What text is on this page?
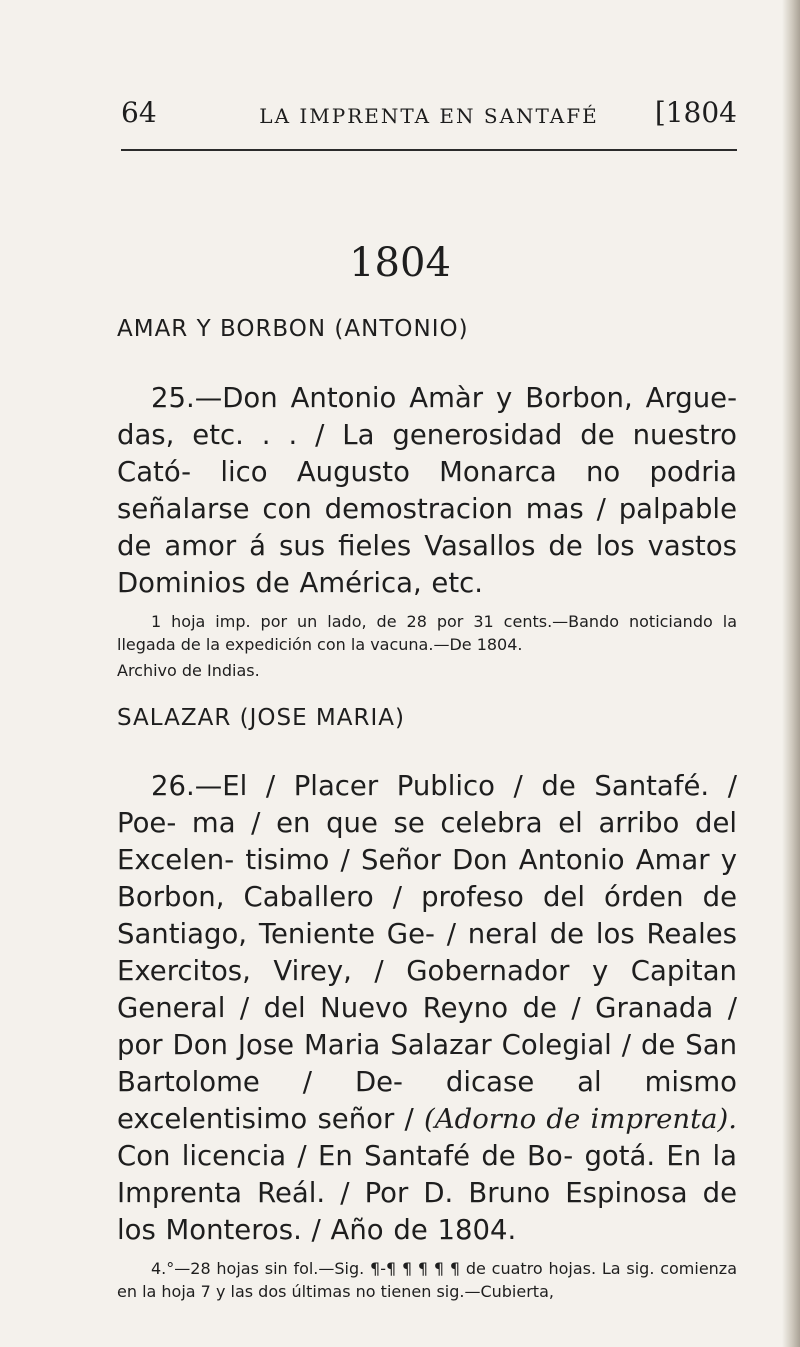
64	LA IMPRENTA EN SANTAFÉ	[1804
1804
AMAR Y BORBON (ANTONIO)

25.—Don Antonio Amàr y Borbon, Argue- das, etc. . . / La generosidad de nuestro Cató- lico Augusto Monarca no podria señalarse con demostracion mas / palpable de amor á sus fieles Vasallos de los vastos Dominios de América, etc.

1 hoja imp. por un lado, de 28 por 31 cents.—Bando noticiando la llegada de la expedición con la vacuna.—De 1804.

Archivo de Indias.

SALAZAR (JOSE MARIA)

26.—El / Placer Publico / de Santafé. / Poe- ma / en que se celebra el arribo del Excelen- tisimo / Señor Don Antonio Amar y Borbon, Caballero / profeso del órden de Santiago, Teniente Ge- / neral de los Reales Exercitos, Virey, / Gobernador y Capitan General / del Nuevo Reyno de / Granada / por Don Jose Maria Salazar Colegial / de San Bartolome / De- dicase al mismo excelentisimo señor / (Adorno de imprenta). Con licencia / En Santafé de Bo- gotá. En la Imprenta Reál. / Por D. Bruno Espinosa de los Monteros. / Año de 1804.

4.°—28 hojas sin fol.—Sig. ¶-¶ ¶ ¶ ¶ ¶ de cuatro hojas. La sig. comienza en la hoja 7 y las dos últimas no tienen sig.—Cubierta,
